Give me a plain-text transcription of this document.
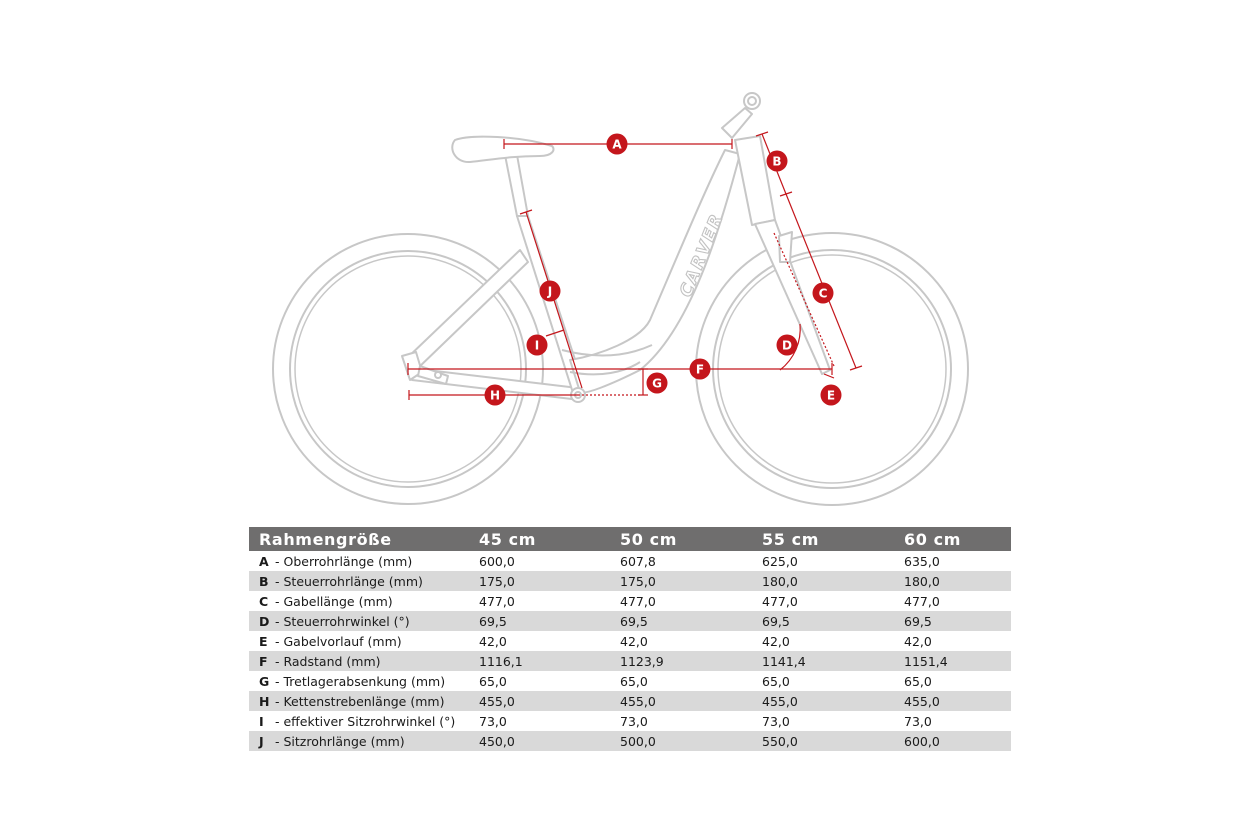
CARVER
A
B
C
D
E
F
G
H
I
J
Rahmengröße	45 cm	50 cm	55 cm	60 cm
A - Oberrohrlänge (mm)	600,0	607,8	625,0	635,0
B - Steuerrohrlänge (mm)	175,0	175,0	180,0	180,0
C - Gabellänge (mm)	477,0	477,0	477,0	477,0
D - Steuerrohrwinkel (°)	69,5	69,5	69,5	69,5
E - Gabelvorlauf (mm)	42,0	42,0	42,0	42,0
F - Radstand (mm)	1116,1	1123,9	1141,4	1151,4
G - Tretlagerabsenkung (mm)	65,0	65,0	65,0	65,0
H - Kettenstrebenlänge (mm)	455,0	455,0	455,0	455,0
I - effektiver Sitzrohrwinkel (°)	73,0	73,0	73,0	73,0
J - Sitzrohrlänge (mm)	450,0	500,0	550,0	600,0
